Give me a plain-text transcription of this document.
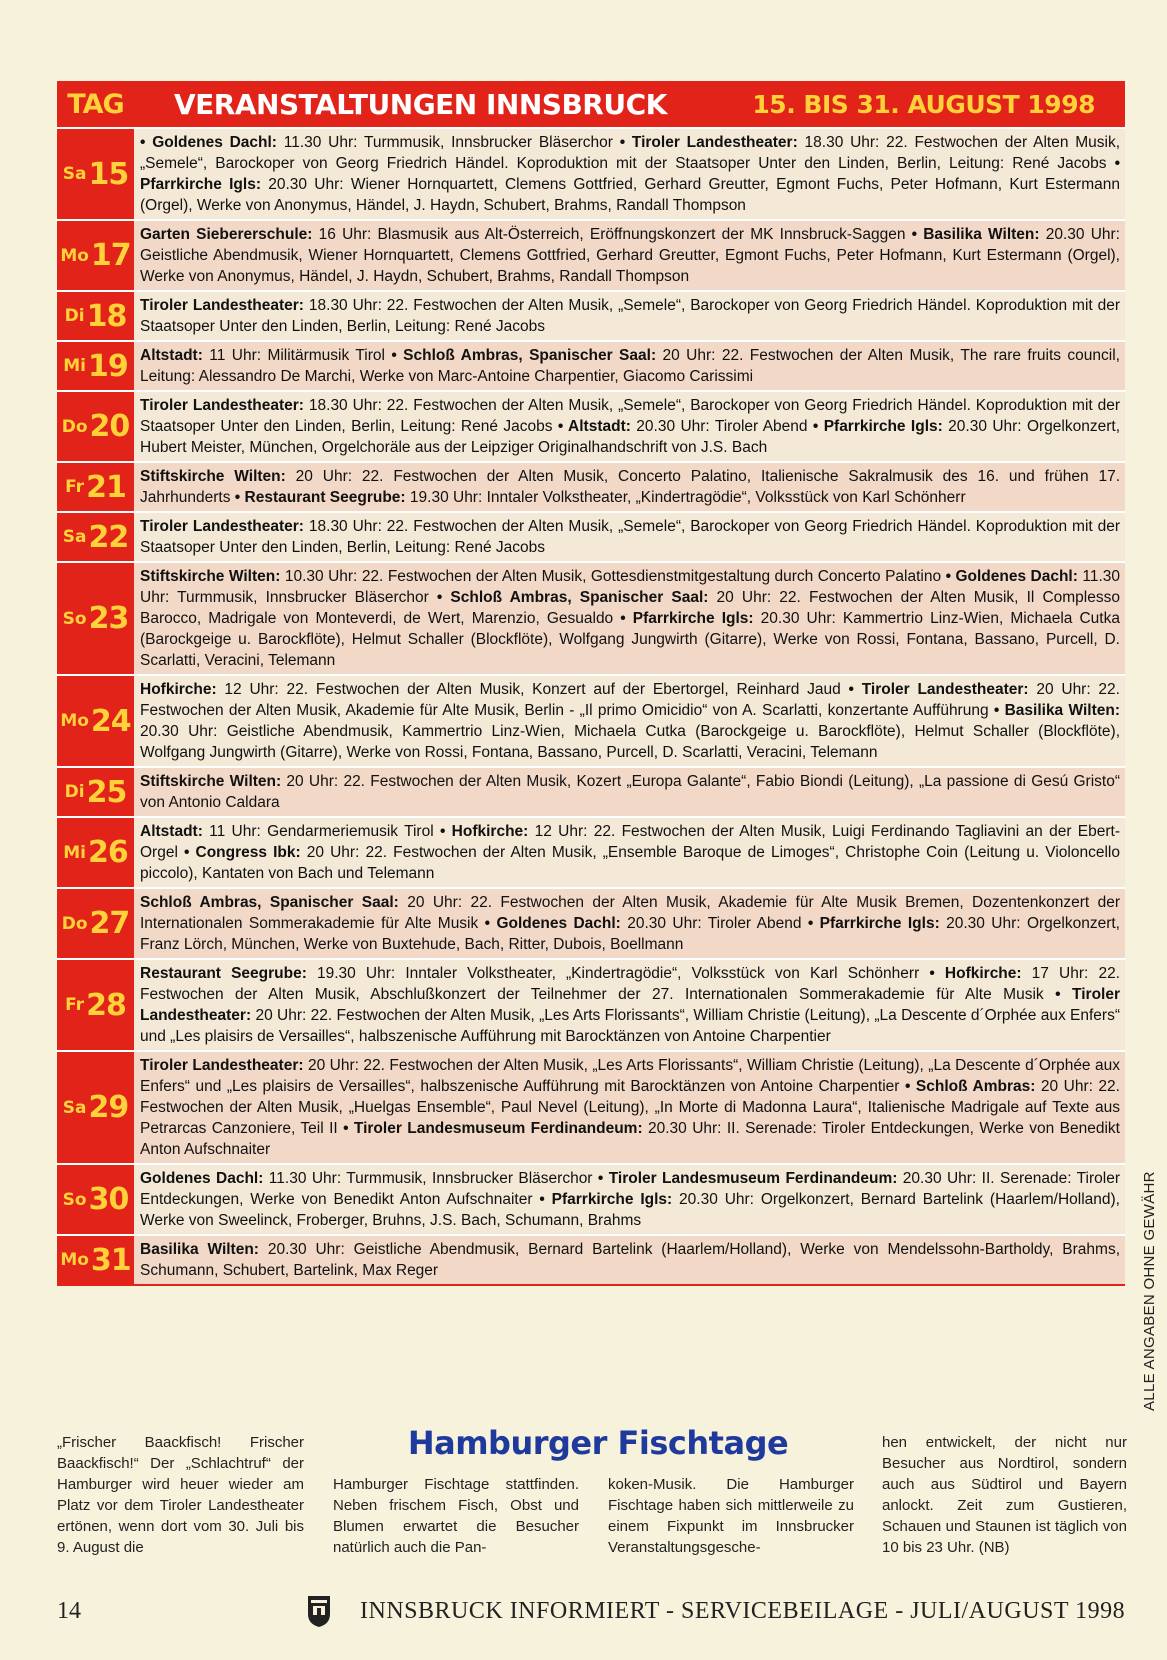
TAG	VERANSTALTUNGEN INNSBRUCK	15. BIS 31. AUGUST 1998
Sa 15
• Goldenes Dachl: 11.30 Uhr: Turmmusik, Innsbrucker Bläserchor • Tiroler Landestheater: 18.30 Uhr: 22. Festwochen der Alten Musik, „Semele“, Barockoper von Georg Friedrich Händel. Koproduktion mit der Staatsoper Unter den Linden, Berlin, Leitung: René Jacobs • Pfarrkirche Igls: 20.30 Uhr: Wiener Hornquartett, Clemens Gottfried, Gerhard Greutter, Egmont Fuchs, Peter Hofmann, Kurt Estermann (Orgel), Werke von Anonymus, Händel, J. Haydn, Schubert, Brahms, Randall Thompson
Mo 17
Garten Siebererschule: 16 Uhr: Blasmusik aus Alt-Österreich, Eröffnungskonzert der MK Innsbruck-Saggen • Basilika Wilten: 20.30 Uhr: Geistliche Abendmusik, Wiener Hornquartett, Clemens Gottfried, Gerhard Greutter, Egmont Fuchs, Peter Hofmann, Kurt Estermann (Orgel), Werke von Anonymus, Händel, J. Haydn, Schubert, Brahms, Randall Thompson
Di 18 Tiroler Landestheater: 18.30 Uhr: 22. Festwochen der Alten Musik, „Semele“, Barockoper von Georg Friedrich Händel. Koproduktion mit der Staatsoper Unter den Linden, Berlin, Leitung: René Jacobs
Mi 19 Altstadt: 11 Uhr: Militärmusik Tirol • Schloß Ambras, Spanischer Saal: 20 Uhr: 22. Festwochen der Alten Musik, The rare fruits council, Leitung: Alessandro De Marchi, Werke von Marc-Antoine Charpentier, Giacomo Carissimi
Do 20
Tiroler Landestheater: 18.30 Uhr: 22. Festwochen der Alten Musik, „Semele“, Barockoper von Georg Friedrich Händel. Koproduktion mit der Staatsoper Unter den Linden, Berlin, Leitung: René Jacobs • Altstadt: 20.30 Uhr: Tiroler Abend • Pfarrkirche Igls: 20.30 Uhr: Orgelkonzert, Hubert Meister, München, Orgelchoräle aus der Leipziger Originalhandschrift von J.S. Bach
Fr 21 Stiftskirche Wilten: 20 Uhr: 22. Festwochen der Alten Musik, Concerto Palatino, Italienische Sakralmusik des 16. und frühen 17. Jahrhunderts • Restaurant Seegrube: 19.30 Uhr: Inntaler Volkstheater, „Kindertragödie“, Volksstück von Karl Schönherr
Sa 22 Tiroler Landestheater: 18.30 Uhr: 22. Festwochen der Alten Musik, „Semele“, Barockoper von Georg Friedrich Händel. Koproduktion mit der Staatsoper Unter den Linden, Berlin, Leitung: René Jacobs
So 23
Stiftskirche Wilten: 10.30 Uhr: 22. Festwochen der Alten Musik, Gottesdienstmitgestaltung durch Concerto Palatino • Goldenes Dachl: 11.30 Uhr: Turmmusik, Innsbrucker Bläserchor • Schloß Ambras, Spanischer Saal: 20 Uhr: 22. Festwochen der Alten Musik, Il Complesso Barocco, Madrigale von Monteverdi, de Wert, Marenzio, Gesualdo • Pfarrkirche Igls: 20.30 Uhr: Kammertrio Linz-Wien, Michaela Cutka (Barockgeige u. Barockflöte), Helmut Schaller (Blockflöte), Wolfgang Jungwirth (Gitarre), Werke von Rossi, Fontana, Bassano, Purcell, D. Scarlatti, Veracini, Telemann
Mo 24
Hofkirche: 12 Uhr: 22. Festwochen der Alten Musik, Konzert auf der Ebertorgel, Reinhard Jaud • Tiroler Landestheater: 20 Uhr: 22. Festwochen der Alten Musik, Akademie für Alte Musik, Berlin - „Il primo Omicidio“ von A. Scarlatti, konzertante Aufführung • Basilika Wilten: 20.30 Uhr: Geistliche Abendmusik, Kammertrio Linz-Wien, Michaela Cutka (Barockgeige u. Barockflöte), Helmut Schaller (Blockflöte), Wolfgang Jungwirth (Gitarre), Werke von Rossi, Fontana, Bassano, Purcell, D. Scarlatti, Veracini, Telemann
Di 25 Stiftskirche Wilten: 20 Uhr: 22. Festwochen der Alten Musik, Kozert „Europa Galante“, Fabio Biondi (Leitung), „La passione di Gesú Gristo“ von Antonio Caldara
Mi 26
Altstadt: 11 Uhr: Gendarmeriemusik Tirol • Hofkirche: 12 Uhr: 22. Festwochen der Alten Musik, Luigi Ferdinando Tagliavini an der Ebert-Orgel • Congress Ibk: 20 Uhr: 22. Festwochen der Alten Musik, „Ensemble Baroque de Limoges“, Christophe Coin (Leitung u. Violoncello piccolo), Kantaten von Bach und Telemann
Do 27
Schloß Ambras, Spanischer Saal: 20 Uhr: 22. Festwochen der Alten Musik, Akademie für Alte Musik Bremen, Dozentenkonzert der Internationalen Sommerakademie für Alte Musik • Goldenes Dachl: 20.30 Uhr: Tiroler Abend • Pfarrkirche Igls: 20.30 Uhr: Orgelkonzert, Franz Lörch, München, Werke von Buxtehude, Bach, Ritter, Dubois, Boellmann
Fr 28
Restaurant Seegrube: 19.30 Uhr: Inntaler Volkstheater, „Kindertragödie“, Volksstück von Karl Schönherr • Hofkirche: 17 Uhr: 22. Festwochen der Alten Musik, Abschlußkonzert der Teilnehmer der 27. Internationalen Sommerakademie für Alte Musik • Tiroler Landestheater: 20 Uhr: 22. Festwochen der Alten Musik, „Les Arts Florissants“, William Christie (Leitung), „La Descente d´Orphée aux Enfers“ und „Les plaisirs de Versailles“, halbszenische Aufführung mit Barocktänzen von Antoine Charpentier
Sa 29
Tiroler Landestheater: 20 Uhr: 22. Festwochen der Alten Musik, „Les Arts Florissants“, William Christie (Leitung), „La Descente d´Orphée aux Enfers“ und „Les plaisirs de Versailles“, halbszenische Aufführung mit Barocktänzen von Antoine Charpentier • Schloß Ambras: 20 Uhr: 22. Festwochen der Alten Musik, „Huelgas Ensemble“, Paul Nevel (Leitung), „In Morte di Madonna Laura“, Italienische Madrigale auf Texte aus Petrarcas Canzoniere, Teil II • Tiroler Landesmuseum Ferdinandeum: 20.30 Uhr: II. Serenade: Tiroler Entdeckungen, Werke von Benedikt Anton Aufschnaiter
So 30
Goldenes Dachl: 11.30 Uhr: Turmmusik, Innsbrucker Bläserchor • Tiroler Landesmuseum Ferdinandeum: 20.30 Uhr: II. Serenade: Tiroler Entdeckungen, Werke von Benedikt Anton Aufschnaiter • Pfarrkirche Igls: 20.30 Uhr: Orgelkonzert, Bernard Bartelink (Haarlem/Holland), Werke von Sweelinck, Froberger, Bruhns, J.S. Bach, Schumann, Brahms
Mo 31 Basilika Wilten: 20.30 Uhr: Geistliche Abendmusik, Bernard Bartelink (Haarlem/Holland), Werke von Mendelssohn-Bartholdy, Brahms, Schumann, Schubert, Bartelink, Max Reger	ALLE ANGABEN OHNE GEWÄHR
Hamburger Fischtage
„Frischer Baackfisch! Frischer Baackfisch!“ Der „Schlachtruf“ der Hamburger wird heuer wieder am Platz vor dem Tiroler Landestheater ertönen, wenn dort vom 30. Juli bis 9. August die
Hamburger Fischtage stattfinden. Neben frischem Fisch, Obst und Blumen erwartet die Besucher natürlich auch die Pan-
koken-Musik. Die Hamburger Fischtage haben sich mittlerweile zu einem Fixpunkt im Innsbrucker Veranstaltungsgesche-
hen entwickelt, der nicht nur Besucher aus Nordtirol, sondern auch aus Südtirol und Bayern anlockt. Zeit zum Gustieren, Schauen und Staunen ist täglich von 10 bis 23 Uhr. (NB)
14	INNSBRUCK INFORMIERT - SERVICEBEILAGE - JULI/AUGUST 1998
